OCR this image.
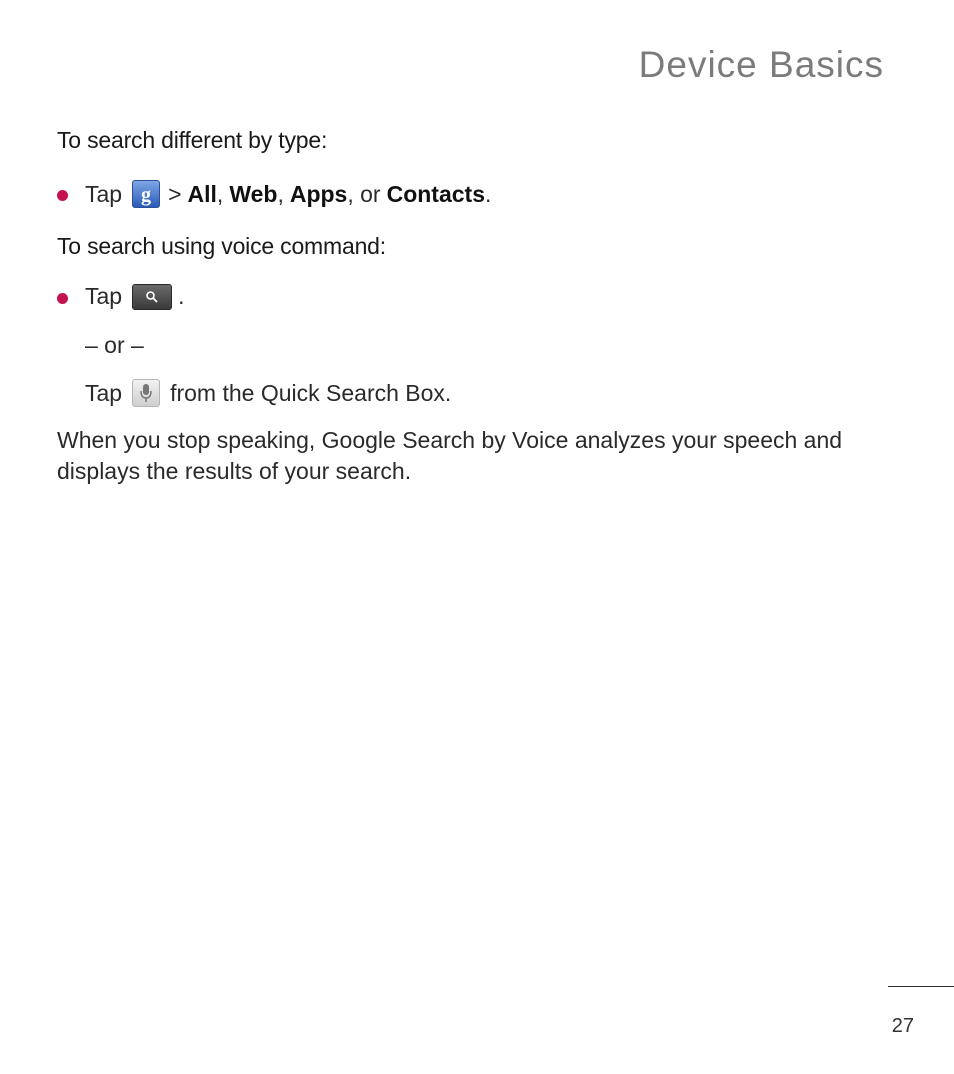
Device Basics
To search different by type:
Tap g > All , Web , Apps , or Contacts .
To search using voice command:
Tap .
– or –
Tap from the Quick Search Box.
When you stop speaking, Google Search by Voice analyzes your speech and displays the results of your search.
27
